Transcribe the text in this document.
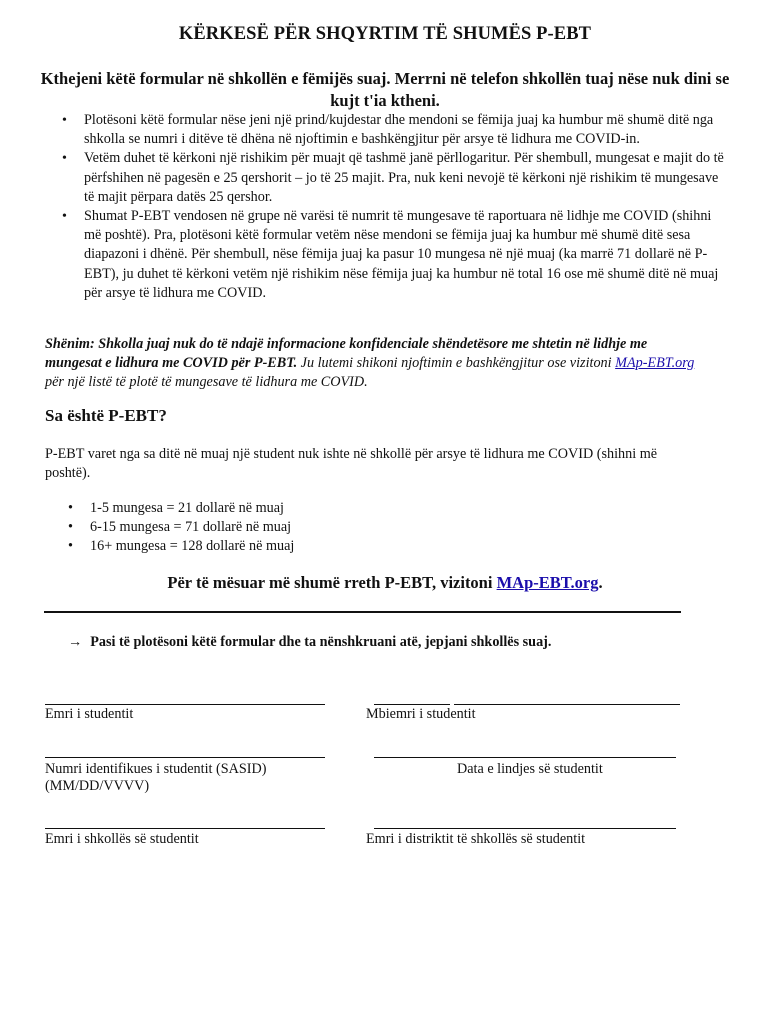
KËRKESË PËR SHQYRTIM TË SHUMËS P-EBT
Kthejeni këtë formular në shkollën e fëmijës suaj. Merrni në telefon shkollën tuaj nëse nuk dini se kujt t'ia ktheni.
• Plotësoni këtë formular nëse jeni një prind/kujdestar dhe mendoni se fëmija juaj ka humbur më shumë ditë nga shkolla se numri i ditëve të dhëna në njoftimin e bashkëngjitur për arsye të lidhura me COVID-in.
• Vetëm duhet të kërkoni një rishikim për muajt që tashmë janë përllogaritur. Për shembull, mungesat e majit do të përfshihen në pagesën e 25 qershorit – jo të 25 majit. Pra, nuk keni nevojë të kërkoni një rishikim të mungesave të majit përpara datës 25 qershor.
• Shumat P-EBT vendosen në grupe në varësi të numrit të mungesave të raportuara në lidhje me COVID (shihni më poshtë). Pra, plotësoni këtë formular vetëm nëse mendoni se fëmija juaj ka humbur më shumë ditë sesa diapazoni i dhënë. Për shembull, nëse fëmija juaj ka pasur 10 mungesa në një muaj (ka marrë 71 dollarë në P-EBT), ju duhet të kërkoni vetëm një rishikim nëse fëmija juaj ka humbur në total 16 ose më shumë ditë në muaj për arsye të lidhura me COVID.
Shënim: Shkolla juaj nuk do të ndajë informacione konfidenciale shëndetësore me shtetin në lidhje me mungesat e lidhura me COVID për P-EBT. Ju lutemi shikoni njoftimin e bashkëngjitur ose vizitoni MAp-EBT.org për një listë të plotë të mungesave të lidhura me COVID.
Sa është P-EBT?
P-EBT varet nga sa ditë në muaj një student nuk ishte në shkollë për arsye të lidhura me COVID (shihni më poshtë).
• 1-5 mungesa = 21 dollarë në muaj
• 6-15 mungesa = 71 dollarë në muaj
• 16+ mungesa = 128 dollarë në muaj
Për të mësuar më shumë rreth P-EBT, vizitoni MAp-EBT.org.
→ Pasi të plotësoni këtë formular dhe ta nënshkruani atë, jepjani shkollës suaj.
Emri i studentit	Mbiemri i studentit
Numri identifikues i studentit (SASID)
(MM/DD/VVVV)
Data e lindjes së studentit
Emri i shkollës së studentit	Emri i distriktit të shkollës së studentit
